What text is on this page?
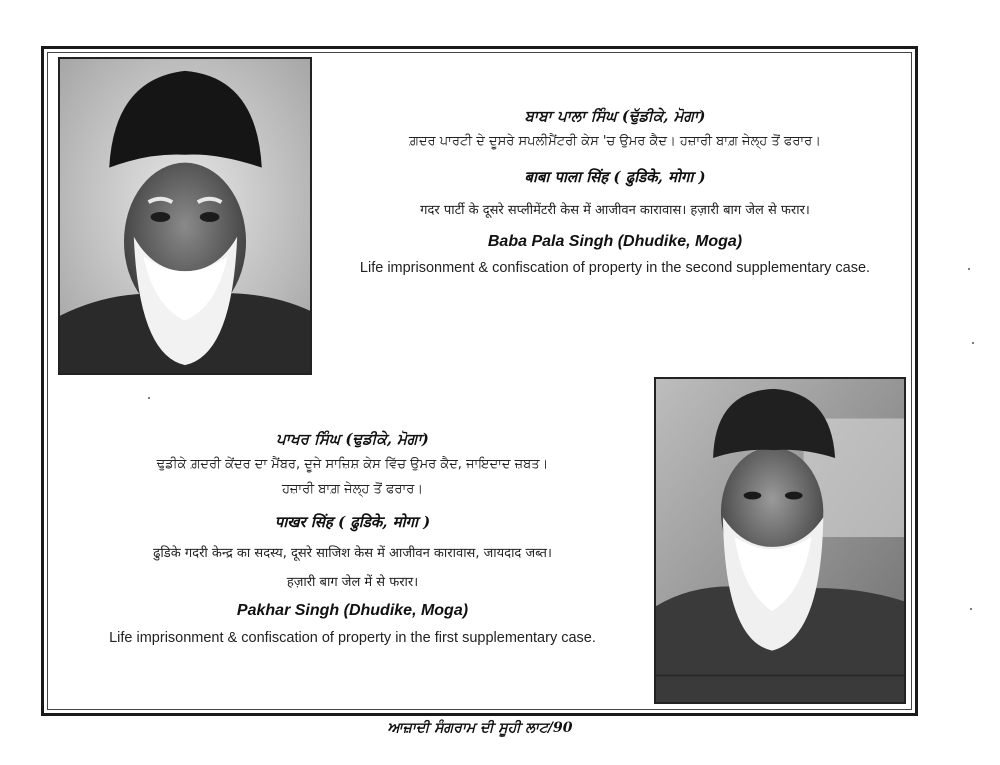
ਬਾਬਾ ਪਾਲਾ ਸਿੰਘ (ਢੁੱਡੀਕੇ, ਮੋਗਾ)

ਗ਼ਦਰ ਪਾਰਟੀ ਦੇ ਦੂਸਰੇ ਸਪਲੀਮੈਂਟਰੀ ਕੇਸ 'ਚ ਉਮਰ ਕੈਦ। ਹਜ਼ਾਰੀ ਬਾਗ਼ ਜੇਲ੍ਹ ਤੋਂ ਫਰਾਰ।

बाबा पाला सिंह ( ढुडिके, मोगा )

गदर पार्टी के दूसरे सप्लीमेंटरी केस में आजीवन कारावास। हज़ारी बाग जेल से फरार।

Baba Pala Singh (Dhudike, Moga)

Life imprisonment & confiscation of property in the second supplementary case.

ਪਾਖਰ ਸਿੰਘ (ਢੁਡੀਕੇ, ਮੋਗਾ)

ਢੁਡੀਕੇ ਗ਼ਦਰੀ ਕੇਂਦਰ ਦਾ ਮੈਂਬਰ, ਦੂਜੇ ਸਾਜ਼ਿਸ਼ ਕੇਸ ਵਿੱਚ ਉਮਰ ਕੈਦ, ਜਾਇਦਾਦ ਜ਼ਬਤ।

ਹਜ਼ਾਰੀ ਬਾਗ਼ ਜੇਲ੍ਹ ਤੋਂ ਫਰਾਰ।

पाखर सिंह ( ढुडिके, मोगा )

ढुडिके गदरी केन्द्र का सदस्य, दूसरे साजिश केस में आजीवन कारावास, जायदाद जब्त।

हज़ारी बाग जेल में से फरार।

Pakhar Singh (Dhudike, Moga)

Life imprisonment & confiscation of property in the first supplementary case.

ਆਜ਼ਾਦੀ ਸੰਗਰਾਮ ਦੀ ਸੂਹੀ ਲਾਟ/90
